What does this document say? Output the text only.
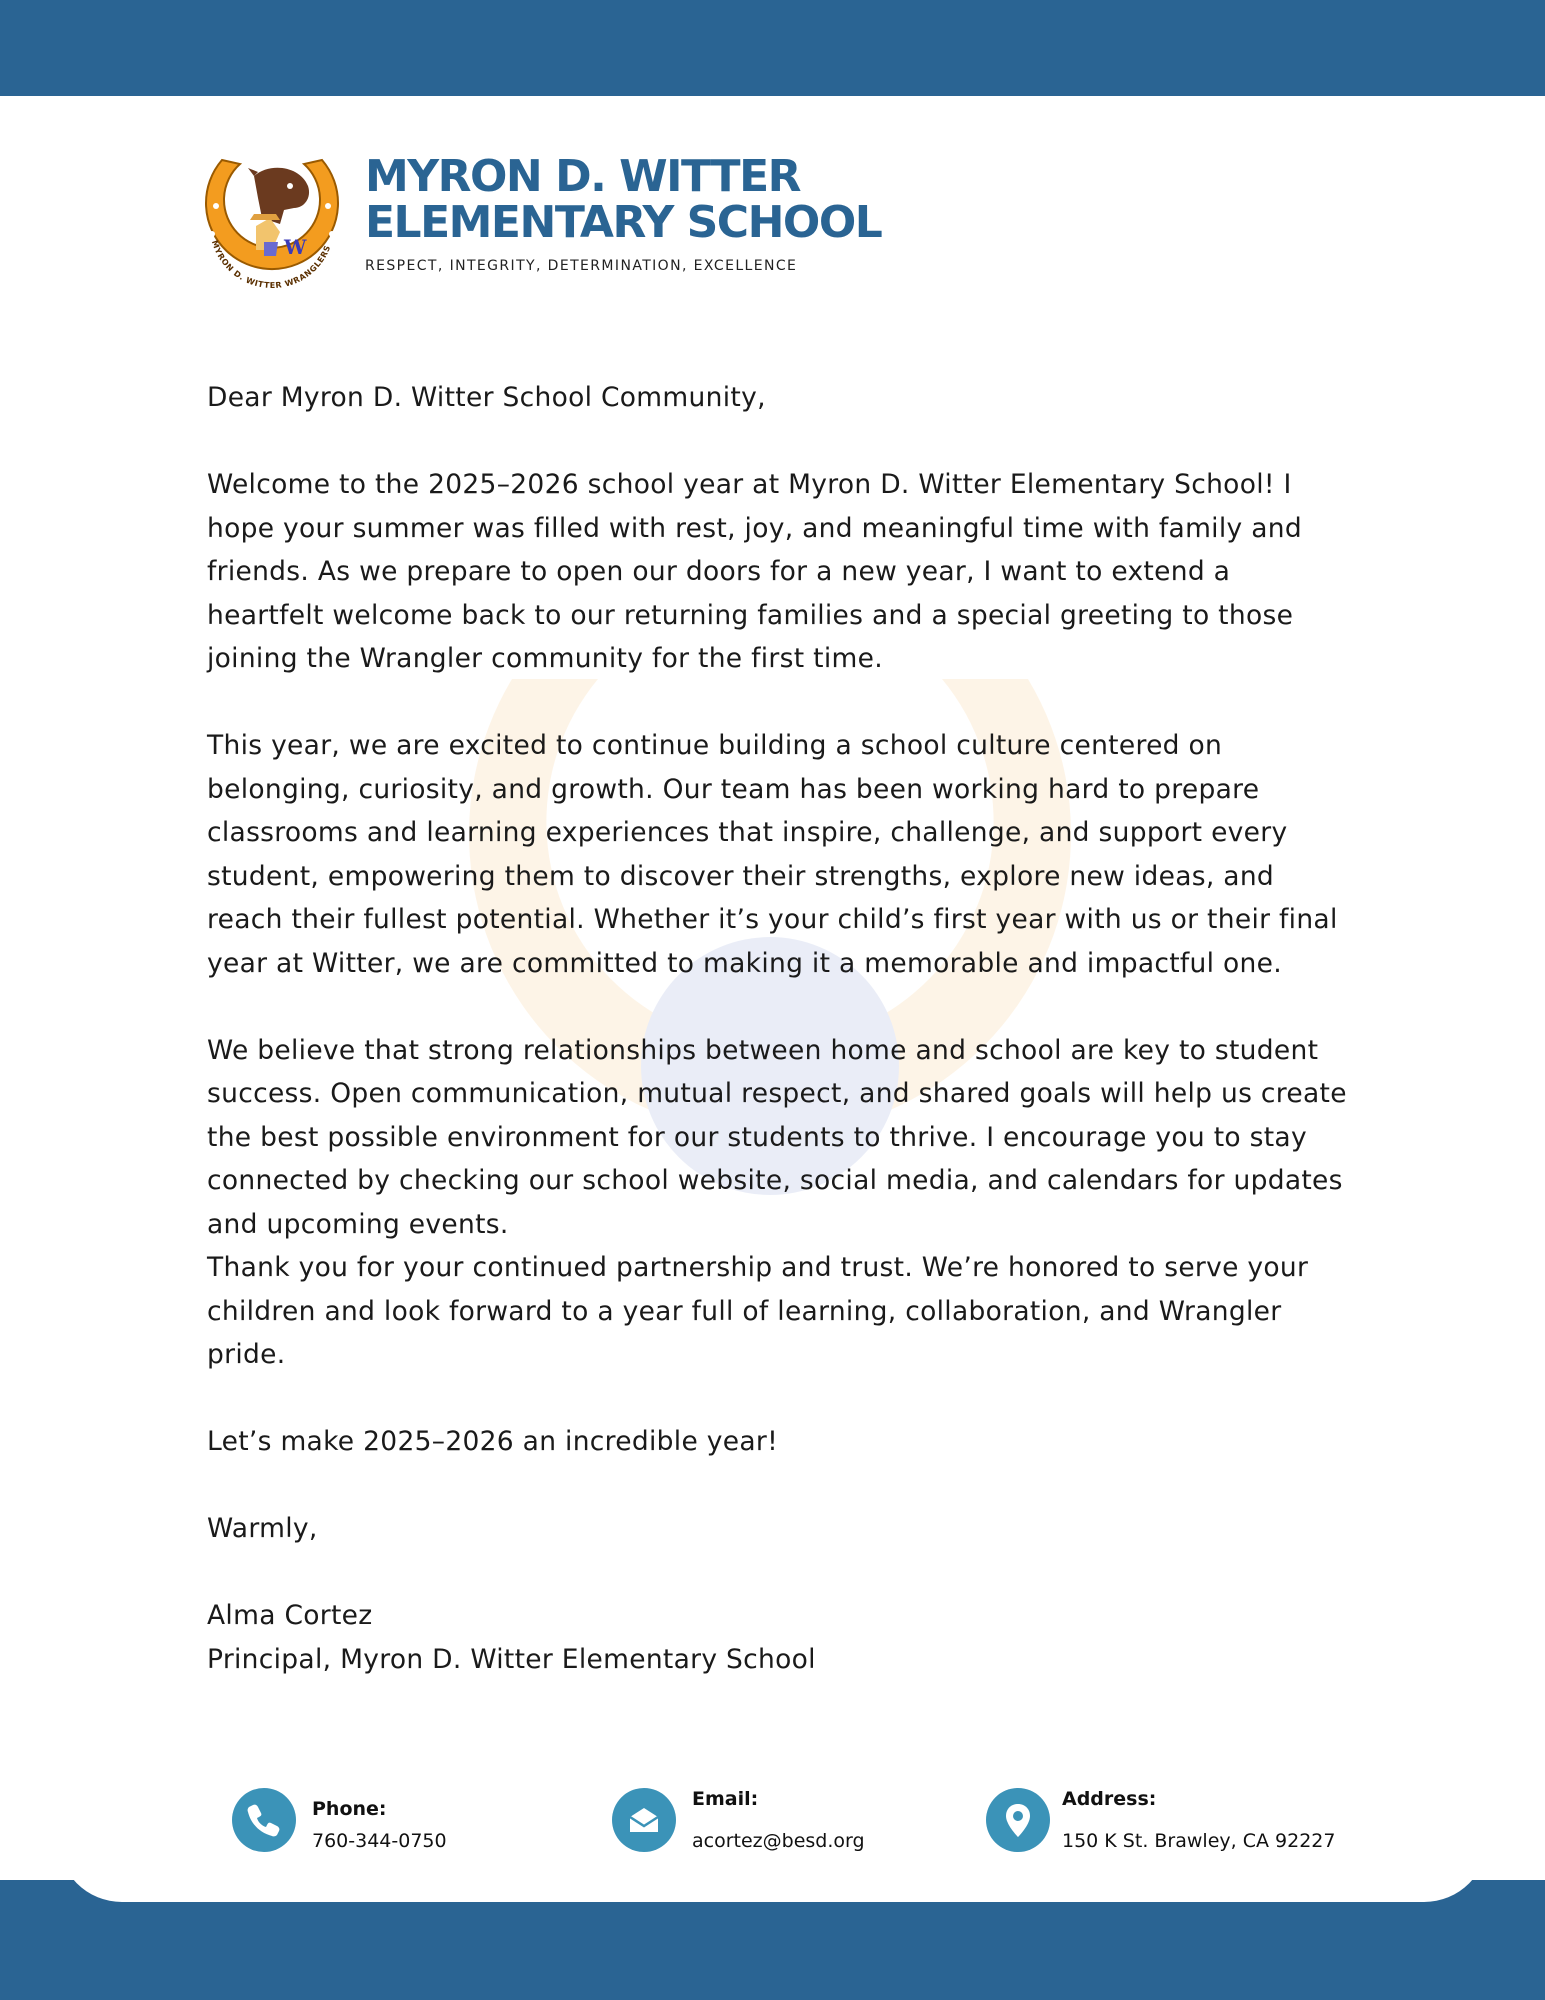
W
MYRON D. WITTER WRANGLERS
MYRON D. WITTER ELEMENTARY SCHOOL
RESPECT, INTEGRITY, DETERMINATION, EXCELLENCE

Dear Myron D. Witter School Community,

Welcome to the 2025–2026 school year at Myron D. Witter Elementary School! I hope your summer was filled with rest, joy, and meaningful time with family and friends. As we prepare to open our doors for a new year, I want to extend a heartfelt welcome back to our returning families and a special greeting to those joining the Wrangler community for the first time.

This year, we are excited to continue building a school culture centered on belonging, curiosity, and growth. Our team has been working hard to prepare classrooms and learning experiences that inspire, challenge, and support every student, empowering them to discover their strengths, explore new ideas, and reach their fullest potential. Whether it’s your child’s first year with us or their final year at Witter, we are committed to making it a memorable and impactful one.

We believe that strong relationships between home and school are key to student success. Open communication, mutual respect, and shared goals will help us create the best possible environment for our students to thrive. I encourage you to stay connected by checking our school website, social media, and calendars for updates and upcoming events.

Thank you for your continued partnership and trust. We’re honored to serve your children and look forward to a year full of learning, collaboration, and Wrangler pride.

Let’s make 2025–2026 an incredible year!

Warmly,

Alma Cortez

Principal, Myron D. Witter Elementary School

Phone:
760-344-0750
Email:
acortez@besd.org
Address:
150 K St. Brawley, CA 92227
